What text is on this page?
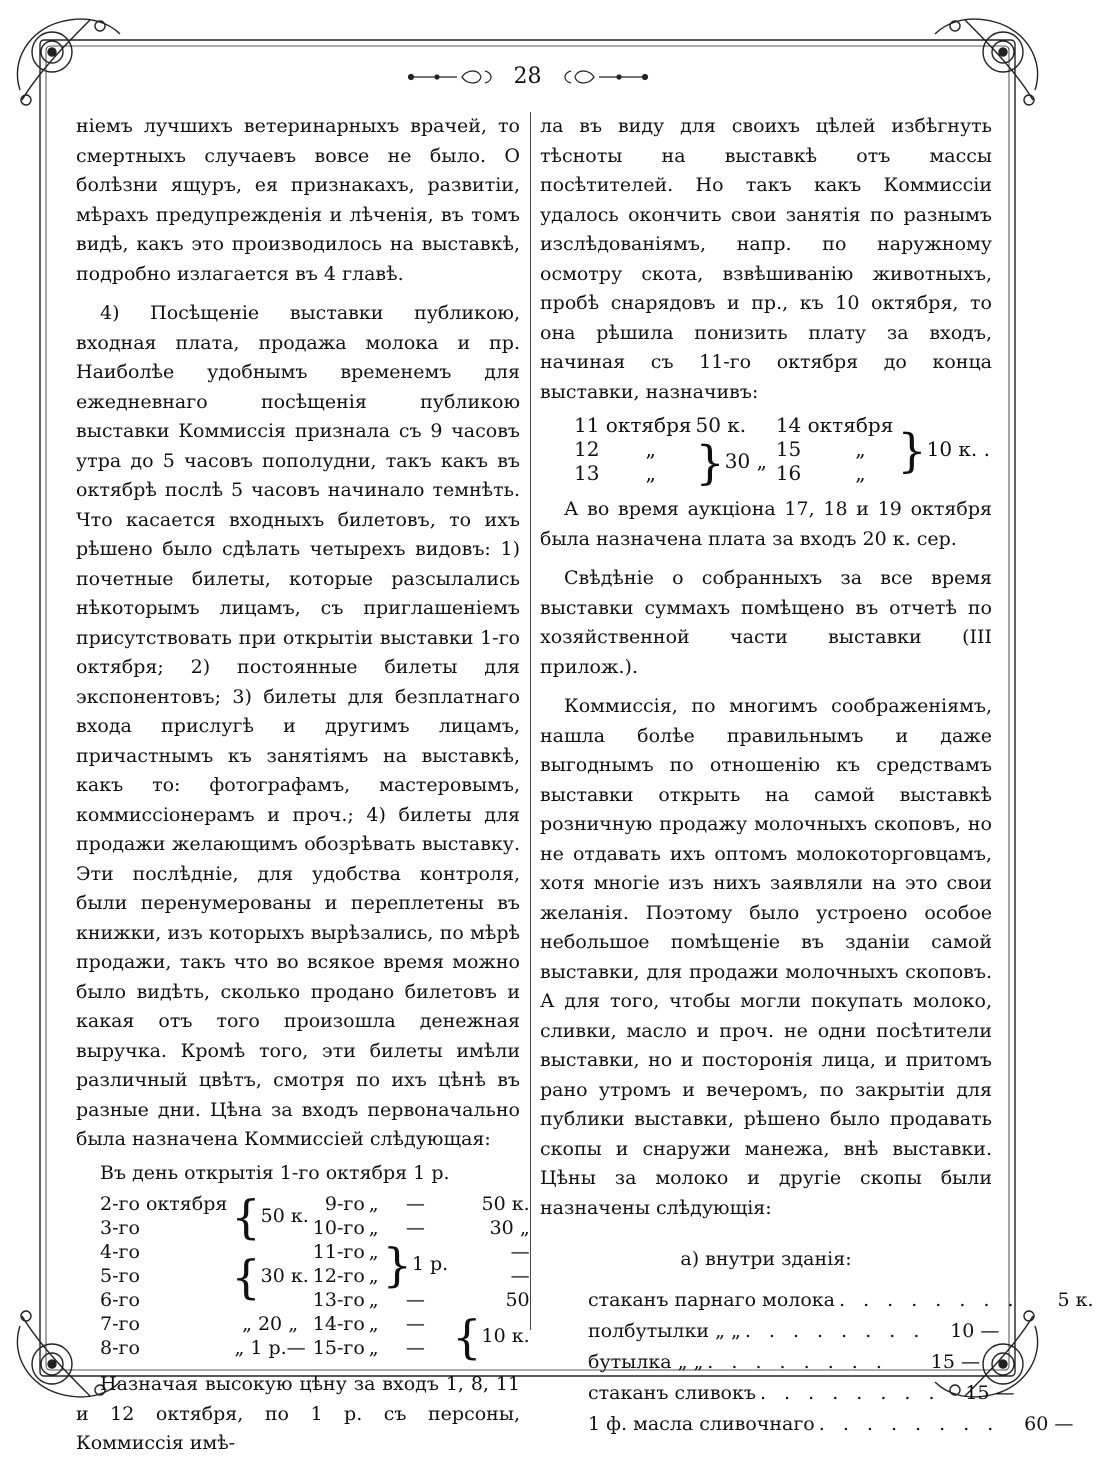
28

ніемъ лучшихъ ветеринарныхъ врачей, то смертныхъ случаевъ вовсе не было. О болѣзни ящуръ, ея признакахъ, развитіи, мѣрахъ предупрежденія и лѣченія, въ томъ видѣ, какъ это производилось на выставкѣ, подробно излагается въ 4 главѣ.

4) Посѣщеніе выставки публикою, входная плата, продажа молока и пр. Наиболѣе удобнымъ временемъ для ежедневнаго посѣщенія публикою выставки Коммиссія признала съ 9 часовъ утра до 5 часовъ пополудни, такъ какъ въ октябрѣ послѣ 5 часовъ начинало темнѣть. Что касается входныхъ билетовъ, то ихъ рѣшено было сдѣлать четырехъ видовъ: 1) почетные билеты, которые разсылались нѣкоторымъ лицамъ, съ приглашеніемъ присутствовать при открытіи выставки 1-го октября; 2) постоянные билеты для экспонентовъ; 3) билеты для безплатнаго входа прислугѣ и другимъ лицамъ, причастнымъ къ занятіямъ на выставкѣ, какъ то: фотографамъ, мастеровымъ, коммиссіонерамъ и проч.; 4) билеты для продажи желающимъ обозрѣвать выставку. Эти послѣдніе, для удобства контроля, были перенумерованы и переплетены въ книжки, изъ которыхъ вырѣзались, по мѣрѣ продажи, такъ что во всякое время можно было видѣть, сколько продано билетовъ и какая отъ того произошла денежная выручка. Кромѣ того, эти билеты имѣли различный цвѣтъ, смотря по ихъ цѣнѣ въ разные дни. Цѣна за входъ первоначально была назначена Коммиссіей слѣдующая:

Въ день открытія 1-го октября 1 р.
2-го октября	{50 к.	9-го	„	—	50 к.
3-го		10-го	„	—	30 „
4-го	{30 к.	11-го	„	}1 р.	—
5-го		12-го	„		—
6-го		13-го	„	—	50
7-го	„ 20 „	14-го	„	—	{10 к.
8-го	„ 1 р.—	15-го	„	—	

Назначая высокую цѣну за входъ 1, 8, 11 и 12 октября, по 1 р. съ персоны, Коммиссія имѣ-

ла въ виду для своихъ цѣлей избѣгнуть тѣсноты на выставкѣ отъ массы посѣтителей. Но такъ какъ Коммиссіи удалось окончить свои занятія по разнымъ изслѣдованіямъ, напр. по наружному осмотру скота, взвѣшиванію животныхъ, пробѣ снарядовъ и пр., къ 10 октября, то она рѣшила понизить плату за входъ, начиная съ 11-го октября до конца выставки, назначивъ:

11 октября	50 к.		14 октября	}10 к. .
12 „	}30 „		15 „	
13 „			16 „	

А во время аукціона 17, 18 и 19 октября была назначена плата за входъ 20 к. сер.

Свѣдѣніе о собранныхъ за все время выставки суммахъ помѣщено въ отчетѣ по хозяйственной части выставки (III прилож.).

Коммиссія, по многимъ соображеніямъ, нашла болѣе правильнымъ и даже выгоднымъ по отношенію къ средствамъ выставки открыть на самой выставкѣ розничную продажу молочныхъ скоповъ, но не отдавать ихъ оптомъ молокоторговцамъ, хотя многіе изъ нихъ заявляли на это свои желанія. Поэтому было устроено особое небольшое помѣщеніе въ зданіи самой выставки, для продажи молочныхъ скоповъ. А для того, чтобы могли покупать молоко, сливки, масло и проч. не одни посѣтители выставки, но и посторонія лица, и притомъ рано утромъ и вечеромъ, по закрытіи для публики выставки, рѣшено было продавать скопы и снаружи манежа, внѣ выставки. Цѣны за молоко и другіе скопы были назначены слѣдующія:

а) внутри зданія:
стаканъ парнаго молока . . . . . . . .	5 к.
полбутылки „ „ . . . . . . . .	10 —
бутылка „ „ . . . . . . . .	15 —
стаканъ сливокъ . . . . . . . .	15 —
1 ф. масла сливочнаго . . . . . . . .	60 —
